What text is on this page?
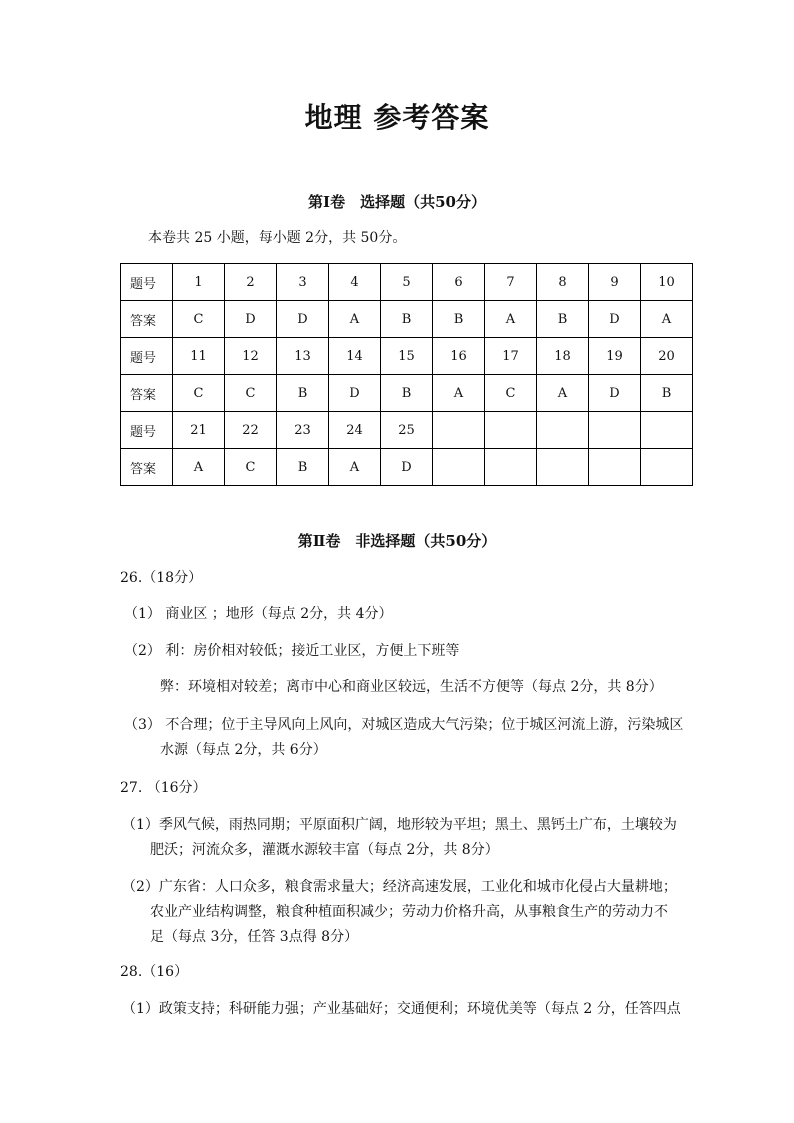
地理 参考答案
第Ⅰ卷　选择题（共50分）
本卷共 25 小题，每小题 2分，共 50分。
题号	1	2	3	4	5	6	7	8	9	10
答案	C	D	D	A	B	B	A	B	D	A
题号	11	12	13	14	15	16	17	18	19	20
答案	C	C	B	D	B	A	C	A	D	B
题号	21	22	23	24	25					
答案	A	C	B	A	D					
第Ⅱ卷　非选择题（共50分）
26.（18分）
（1） 商业区 ；地形（每点 2分，共 4分）
（2） 利：房价相对较低；接近工业区，方便上下班等
弊：环境相对较差；离市中心和商业区较远，生活不方便等（每点 2分，共 8分）
（3） 不合理；位于主导风向上风向，对城区造成大气污染；位于城区河流上游，污染城区
水源（每点 2分，共 6分）
27. （16分）
（1）季风气候，雨热同期；平原面积广阔，地形较为平坦；黑土、黑钙土广布，土壤较为
肥沃；河流众多，灌溉水源较丰富（每点 2分，共 8分）
（2）广东省：人口众多，粮食需求量大；经济高速发展，工业化和城市化侵占大量耕地；
农业产业结构调整，粮食种植面积减少；劳动力价格升高，从事粮食生产的劳动力不
足（每点 3分，任答 3点得 8分）
28.（16）
（1）政策支持；科研能力强；产业基础好；交通便利；环境优美等（每点 2 分，任答四点
